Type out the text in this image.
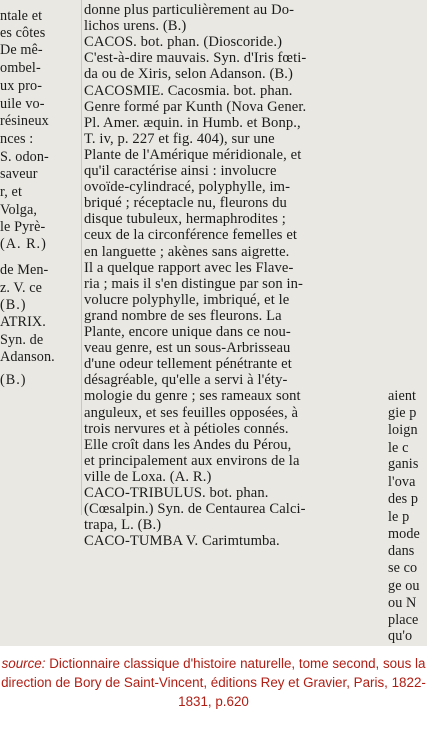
ntale et
es côtes
De mê-
ombel-
ux pro-
uile vo-
résineux
nces :
S. odon-
saveur
r, et
Volga,
le Pyrè-
(A. R.)
de Men-
z. V. ce
(B.)
ATRIX.
Syn. de
Adanson.
(B.)
donne plus particulièrement au Do-
lichos urens. (B.)
CACOS. bot. phan. (Dioscoride.)
C'est-à-dire mauvais. Syn. d'Iris fœti-
da ou de Xiris, selon Adanson. (B.)
CACOSMIE. Cacosmia. bot. phan.
Genre formé par Kunth (Nova Gener.
Pl. Amer. æquin. in Humb. et Bonp.,
T. iv, p. 227 et fig. 404), sur une
Plante de l'Amérique méridionale, et
qu'il caractérise ainsi : involucre
ovoïde-cylindracé, polyphylle, im-
briqué ; réceptacle nu, fleurons du
disque tubuleux, hermaphrodites ;
ceux de la circonférence femelles et
en languette ; akènes sans aigrette.
Il a quelque rapport avec les Flave-
ria ; mais il s'en distingue par son in-
volucre polyphylle, imbriqué, et le
grand nombre de ses fleurons. La
Plante, encore unique dans ce nou-
veau genre, est un sous-Arbrisseau
d'une odeur tellement pénétrante et
désagréable, qu'elle a servi à l'éty-
mologie du genre ; ses rameaux sont
anguleux, et ses feuilles opposées, à
trois nervures et à pétioles connés.
Elle croît dans les Andes du Pérou,
et principalement aux environs de la
ville de Loxa. (A. R.)
CACO-TRIBULUS. bot. phan.
(Cœsalpin.) Syn. de Centaurea Calci-
trapa, L. (B.)
CACO-TUMBA V. Carimtumba.
aient
gie p
loign
le c
ganis
l'ova
des p
le p
mode
dans
se co
ge ou
ou N
place
qu'o
source: Dictionnaire classique d'histoire naturelle, tome second, sous la direction de Bory de Saint-Vincent, éditions Rey et Gravier, Paris, 1822-1831, p.620
